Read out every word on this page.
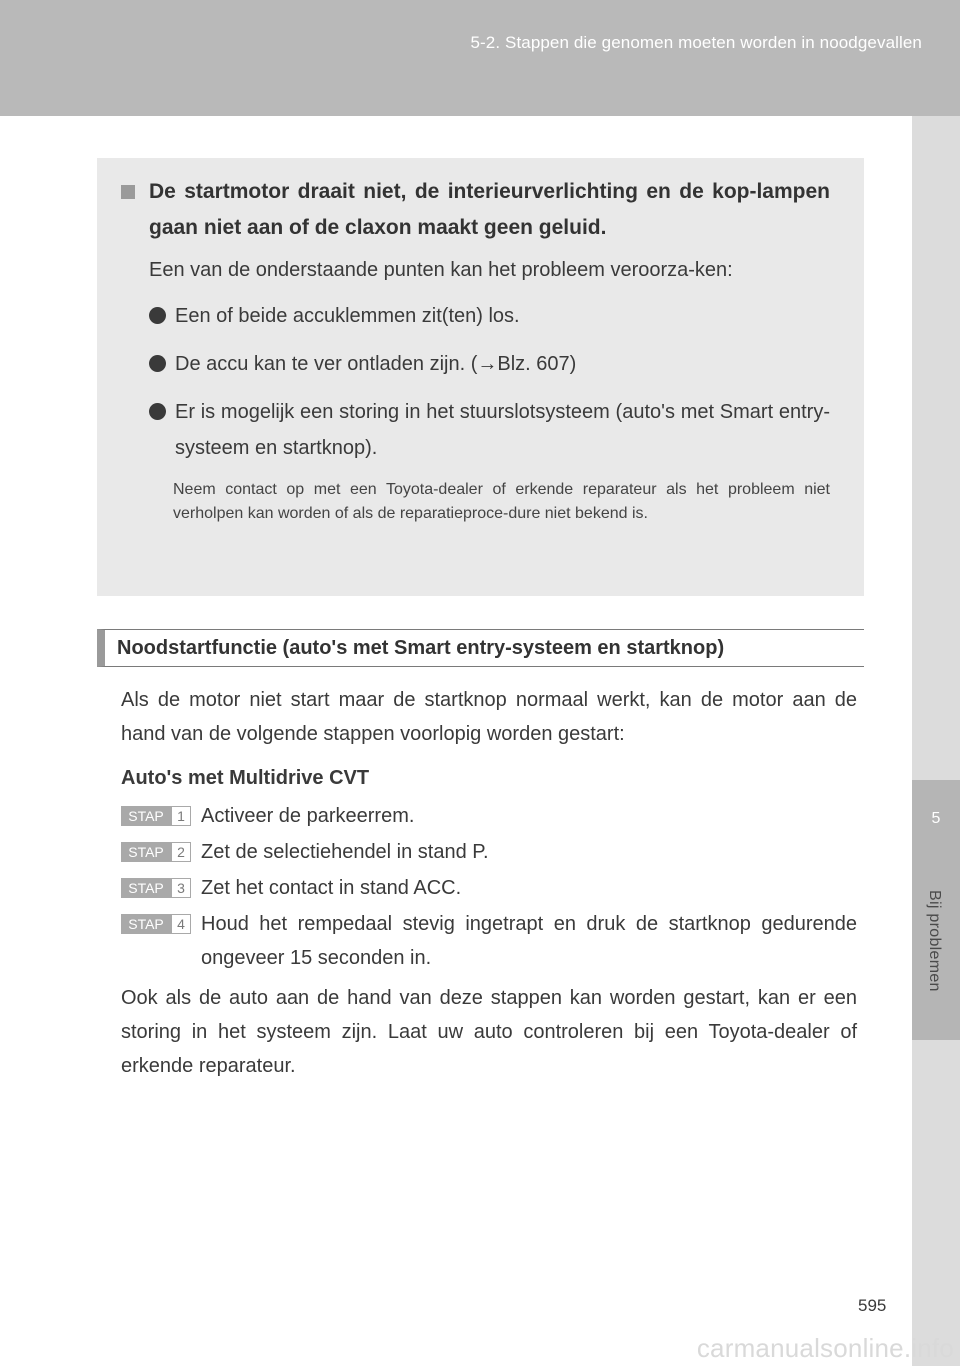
5-2. Stappen die genomen moeten worden in noodgevallen
5
Bij problemen
De startmotor draait niet, de interieurverlichting en de kop-lampen gaan niet aan of de claxon maakt geen geluid.

Een van de onderstaande punten kan het probleem veroorza-ken:

Een of beide accuklemmen zit(ten) los.
De accu kan te ver ontladen zijn. (→Blz. 607)
Er is mogelijk een storing in het stuurslotsysteem (auto's met Smart entry-systeem en startknop).

Neem contact op met een Toyota-dealer of erkende reparateur als het probleem niet verholpen kan worden of als de reparatieproce-dure niet bekend is.

Noodstartfunctie (auto's met Smart entry-systeem en startknop)

Als de motor niet start maar de startknop normaal werkt, kan de motor aan de hand van de volgende stappen voorlopig worden gestart:

Auto's met Multidrive CVT

STAP 1 Activeer de parkeerrem.
STAP 2 Zet de selectiehendel in stand P.
STAP 3 Zet het contact in stand ACC.
STAP 4 Houd het rempedaal stevig ingetrapt en druk de startknop gedurende ongeveer 15 seconden in.

Ook als de auto aan de hand van deze stappen kan worden gestart, kan er een storing in het systeem zijn. Laat uw auto controleren bij een Toyota-dealer of erkende reparateur.

595
carmanualsonline.info
